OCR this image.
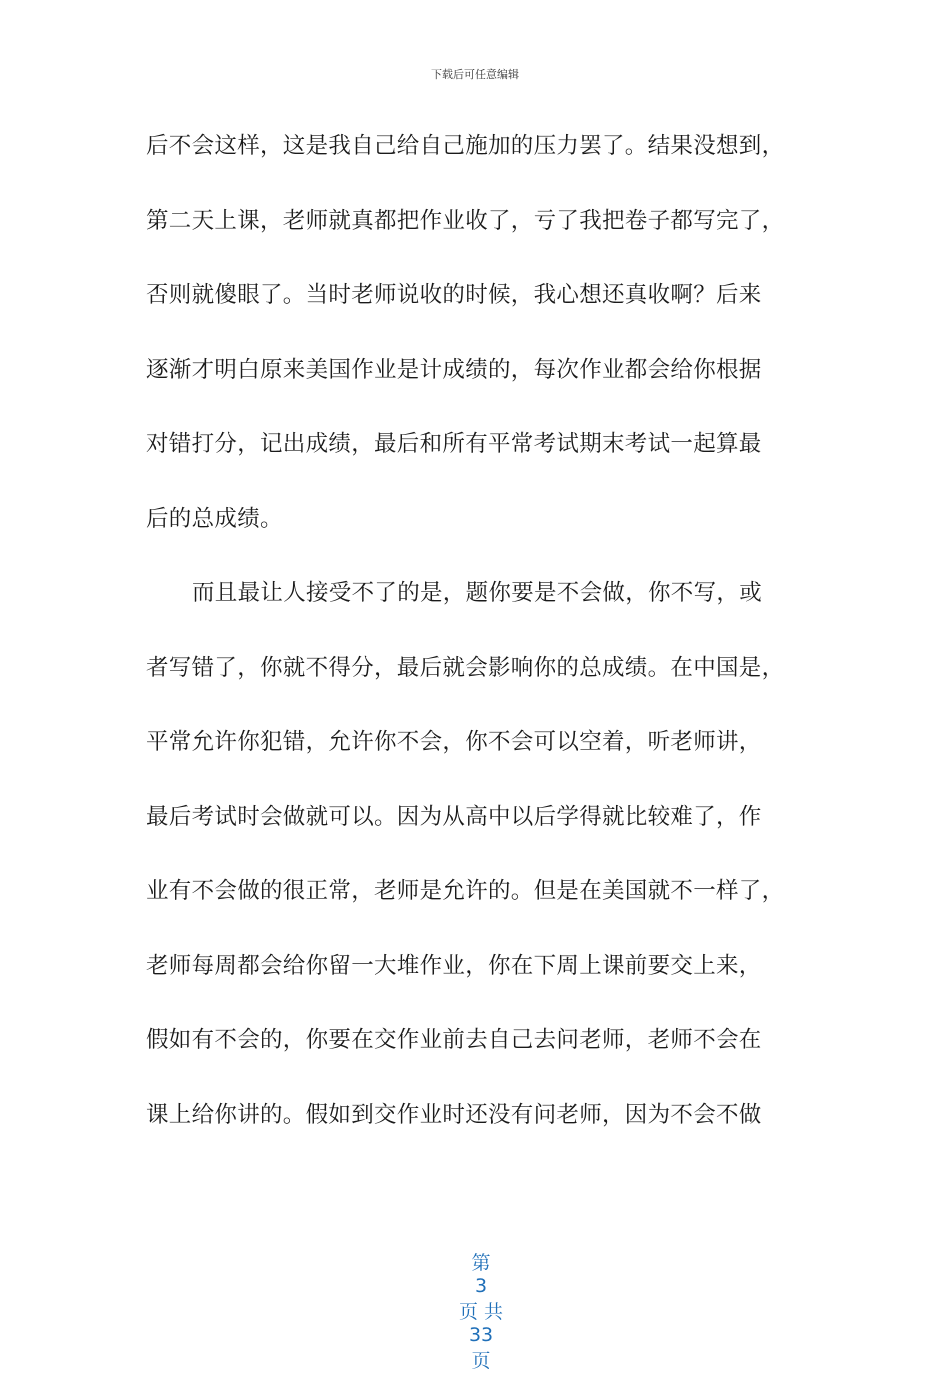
下载后可任意编辑
后不会这样，这是我自己给自己施加的压力罢了。结果没想到，
第二天上课，老师就真都把作业收了，亏了我把卷子都写完了，
否则就傻眼了。当时老师说收的时候，我心想还真收啊？后来
逐渐才明白原来美国作业是计成绩的，每次作业都会给你根据
对错打分，记出成绩，最后和所有平常考试期末考试一起算最
后的总成绩。
而且最让人接受不了的是，题你要是不会做，你不写，或
者写错了，你就不得分，最后就会影响你的总成绩。在中国是，
平常允许你犯错，允许你不会，你不会可以空着，听老师讲，
最后考试时会做就可以。因为从高中以后学得就比较难了，作
业有不会做的很正常，老师是允许的。但是在美国就不一样了，
老师每周都会给你留一大堆作业，你在下周上课前要交上来，
假如有不会的，你要在交作业前去自己去问老师，老师不会在
课上给你讲的。假如到交作业时还没有问老师，因为不会不做

第
3
页 共
33
页
